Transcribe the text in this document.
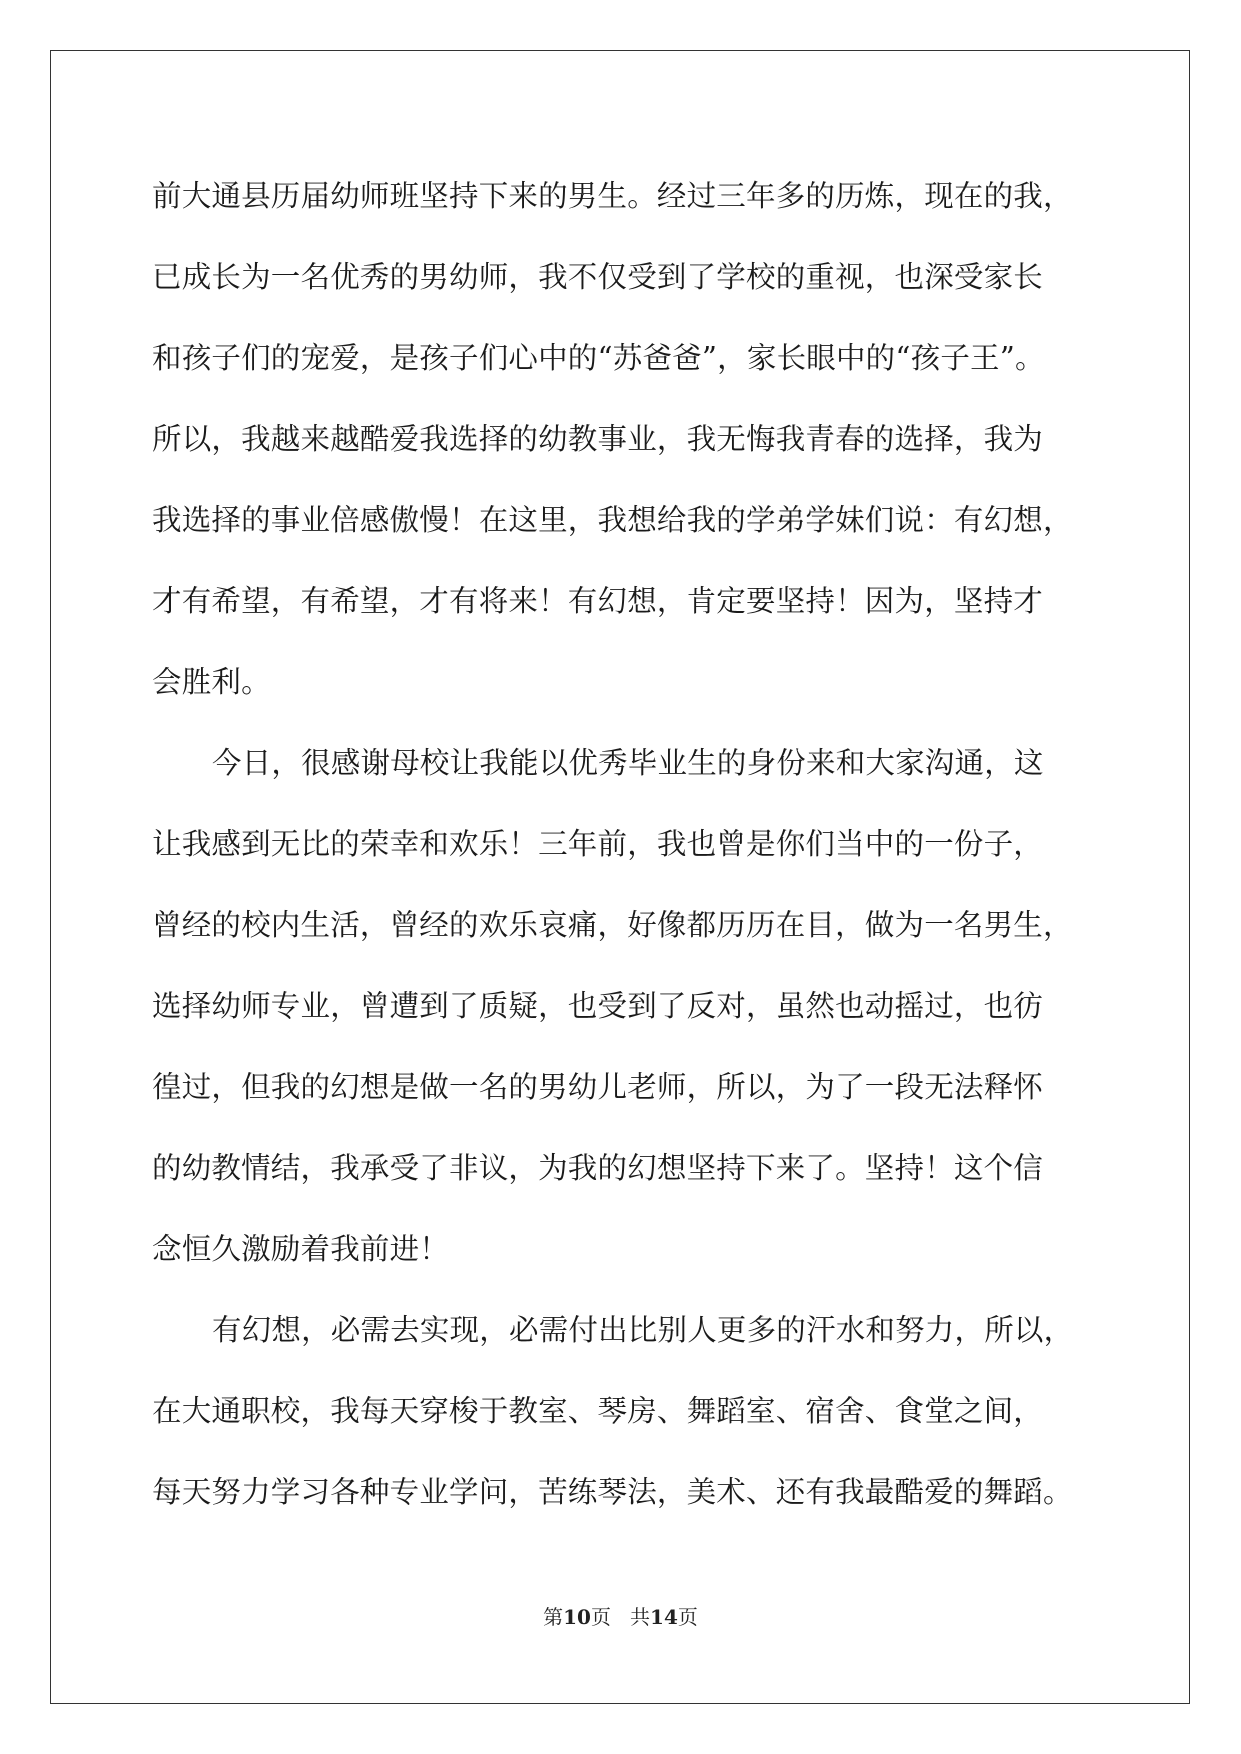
前大通县历届幼师班坚持下来的男生。经过三年多的历炼，现在的我，
已成长为一名优秀的男幼师，我不仅受到了学校的重视，也深受家长
和孩子们的宠爱，是孩子们心中的“苏爸爸”，家长眼中的“孩子王”。
所以，我越来越酷爱我选择的幼教事业，我无悔我青春的选择，我为
我选择的事业倍感傲慢！在这里，我想给我的学弟学妹们说：有幻想，
才有希望，有希望，才有将来！有幻想，肯定要坚持！因为，坚持才
会胜利。
今日，很感谢母校让我能以优秀毕业生的身份来和大家沟通，这
让我感到无比的荣幸和欢乐！三年前，我也曾是你们当中的一份子，
曾经的校内生活，曾经的欢乐哀痛，好像都历历在目，做为一名男生，
选择幼师专业，曾遭到了质疑，也受到了反对，虽然也动摇过，也彷
徨过，但我的幻想是做一名的男幼儿老师，所以，为了一段无法释怀
的幼教情结，我承受了非议，为我的幻想坚持下来了。坚持！这个信
念恒久激励着我前进！
有幻想，必需去实现，必需付出比别人更多的汗水和努力，所以，
在大通职校，我每天穿梭于教室、琴房、舞蹈室、宿舍、食堂之间，
每天努力学习各种专业学问，苦练琴法，美术、还有我最酷爱的舞蹈。
第10页 共14页
